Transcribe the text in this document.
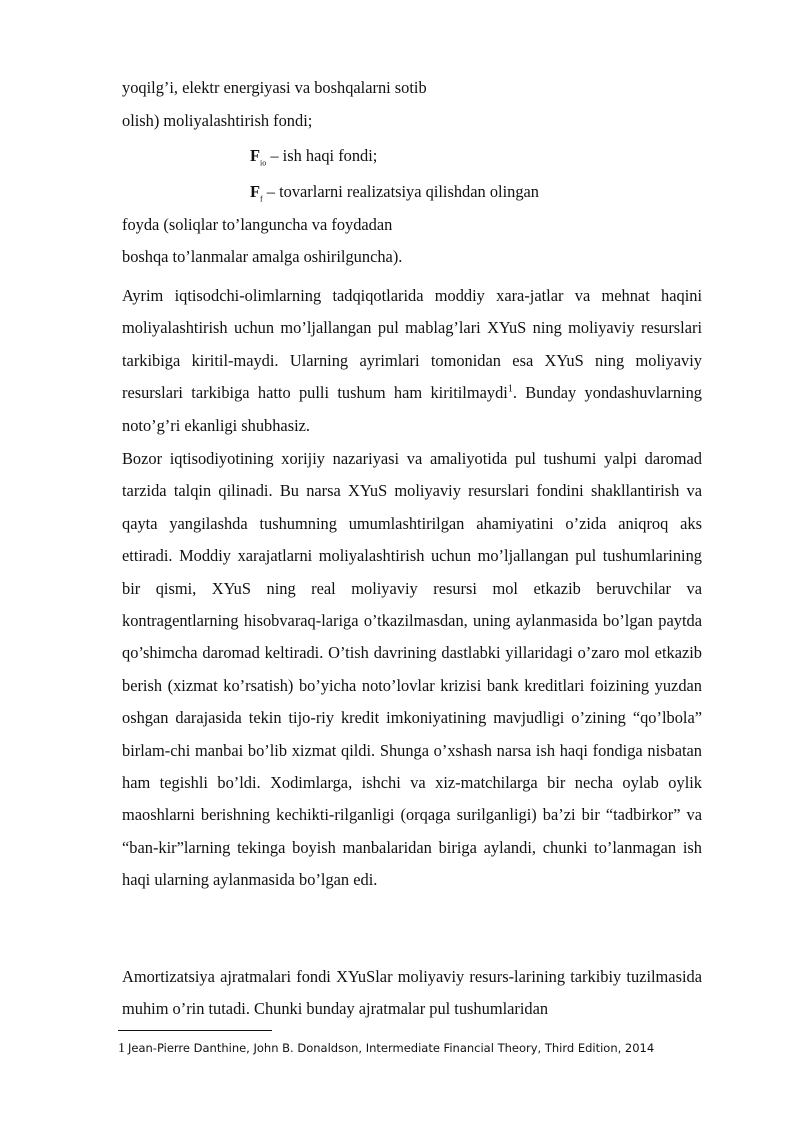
yoqilg’i, elektr energiyasi va boshqalarni sotib
olish) moliyalashtirish fondi;
$F_{io}$ – ish haqi fondi;
$F_f$ – tovarlarni realizatsiya qilishdan olingan
foyda (soliqlar to’languncha va foydadan
boshqa to’lanmalar amalga oshirilguncha).

Ayrim iqtisodchi-olimlarning tadqiqotlarida moddiy xara-jatlar va mehnat haqini moliyalashtirish uchun mo’ljallangan pul mablag’lari XYuS ning moliyaviy resurslari tarkibiga kiritil-maydi. Ularning ayrimlari tomonidan esa XYuS ning moliyaviy resurslari tarkibiga hatto pulli tushum ham kiritilmaydi$^1$. Bunday yondashuvlarning noto’g’ri ekanligi shubhasiz.

Bozor iqtisodiyotining xorijiy nazariyasi va amaliyotida pul tushumi yalpi daromad tarzida talqin qilinadi. Bu narsa XYuS moliyaviy resurslari fondini shakllantirish va qayta yangilashda tushumning umumlashtirilgan ahamiyatini o’zida aniqroq aks ettiradi. Moddiy xarajatlarni moliyalashtirish uchun mo’ljallangan pul tushumlarining bir qismi, XYuS ning real moliyaviy resursi mol etkazib beruvchilar va kontragentlarning hisobvaraq-lariga o’tkazilmasdan, uning aylanmasida bo’lgan paytda qo’shimcha daromad keltiradi. O’tish davrining dastlabki yillaridagi o’zaro mol etkazib berish (xizmat ko’rsatish) bo’yicha noto’lovlar krizisi bank kreditlari foizining yuzdan oshgan darajasida tekin tijo-riy kredit imkoniyatining mavjudligi o’zining “qo’lbola” birlam-chi manbai bo’lib xizmat qildi. Shunga o’xshash narsa ish haqi fondiga nisbatan ham tegishli bo’ldi. Xodimlarga, ishchi va xiz-matchilarga bir necha oylab oylik maoshlarni berishning kechikti-rilganligi (orqaga surilganligi) ba’zi bir “tadbirkor” va “ban-kir”larning tekinga boyish manbalaridan biriga aylandi, chunki to’lanmagan ish haqi ularning aylanmasida bo’lgan edi.

Amortizatsiya ajratmalari fondi XYuSlar moliyaviy resurs-larining tarkibiy tuzilmasida muhim o’rin tutadi. Chunki bunday ajratmalar pul tushumlaridan

1 Jean-Pierre Danthine, John B. Donaldson, Intermediate Financial Theory, Third Edition, 2014
